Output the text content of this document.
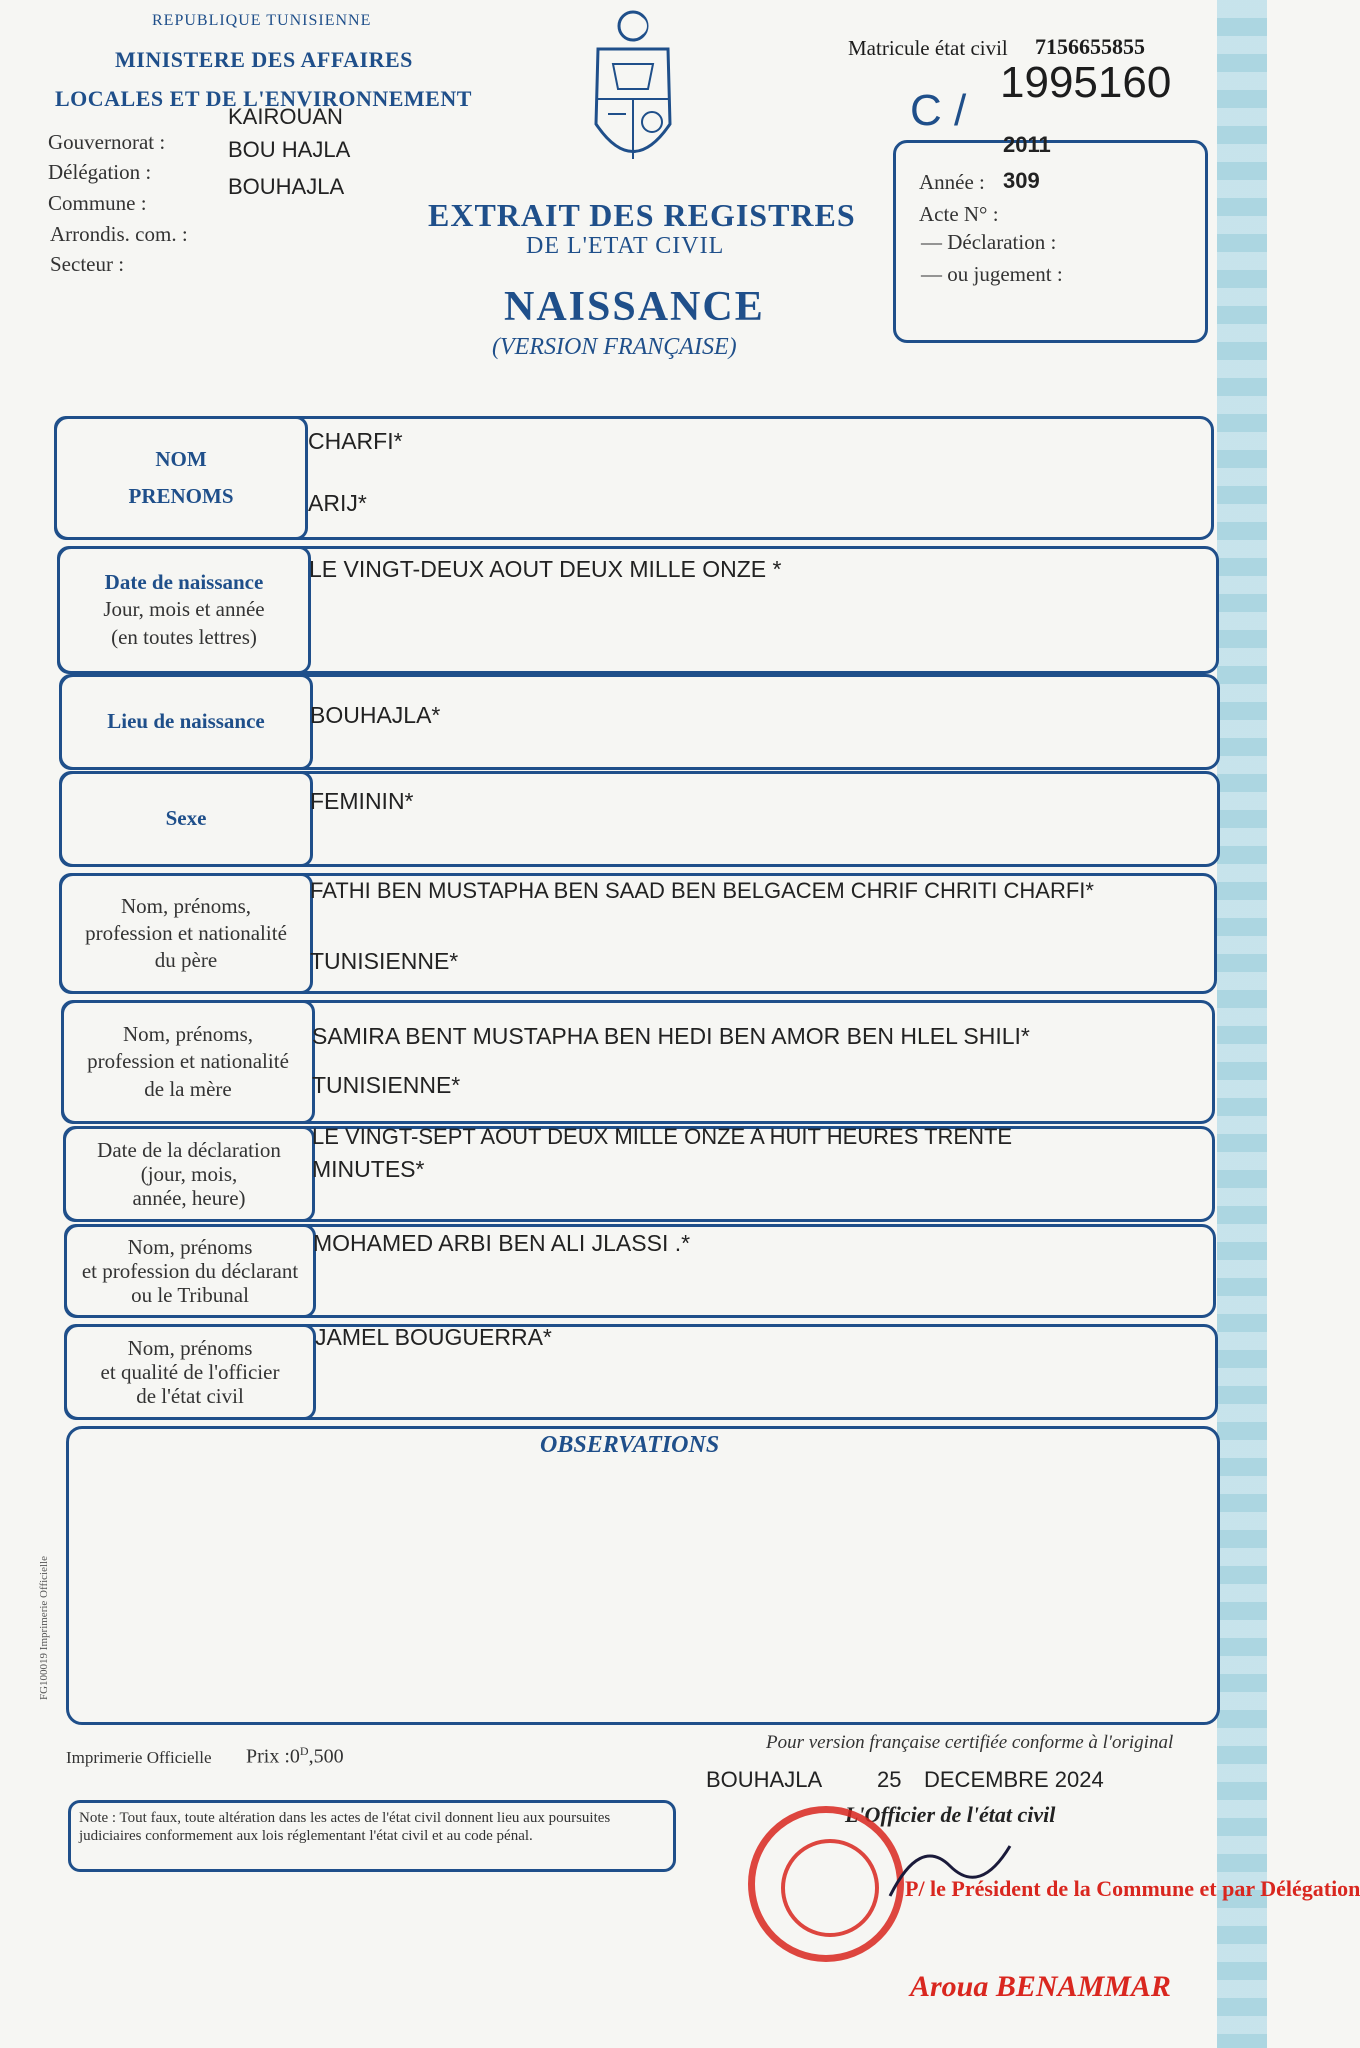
REPUBLIQUE TUNISIENNE
MINISTERE DES AFFAIRES
LOCALES ET DE L'ENVIRONNEMENT
Gouvernorat :
Délégation :
Commune :
Arrondis. com. :
Secteur :
KAIROUAN
BOU HAJLA
BOUHAJLA
EXTRAIT DES REGISTRES
DE L'ETAT CIVIL
NAISSANCE
(VERSION FRANÇAISE)
Matricule état civil 7156655855
C /
1995160
2011
Année : 309
Acte N° :
— Déclaration :
— ou jugement :
NOM
PRENOMS
CHARFI*
ARIJ*
Date de naissance
Jour, mois et année
(en toutes lettres)
LE VINGT-DEUX AOUT DEUX MILLE ONZE *
Lieu de naissance BOUHAJLA*
Sexe
FEMININ*
Nom, prénoms,
profession et nationalité
du père
FATHI BEN MUSTAPHA BEN SAAD BEN BELGACEM CHRIF CHRITI CHARFI*
TUNISIENNE*
Nom, prénoms,
profession et nationalité
de la mère
SAMIRA BENT MUSTAPHA BEN HEDI BEN AMOR BEN HLEL SHILI*
TUNISIENNE*
Date de la déclaration
(jour, mois,
année, heure)
LE VINGT-SEPT AOUT DEUX MILLE ONZE A HUIT HEURES TRENTE
MINUTES*
Nom, prénoms
et profession du déclarant
ou le Tribunal
MOHAMED ARBI BEN ALI JLASSI .*
Nom, prénoms
et qualité de l'officier
de l'état civil
JAMEL BOUGUERRA*
OBSERVATIONS
FG100019 Imprimerie Officielle
Imprimerie Officielle Prix $:0^D,500$
Pour version française certifiée conforme à l'original
BOUHAJLA 25 DECEMBRE 2024
L'Officier de l'état civil
Note : Tout faux, toute altération dans les actes de l'état civil donnent lieu aux poursuites judiciaires conformement aux lois réglementant l'état civil et au code pénal.
P/ le Président de la Commune et par Délégation
Aroua BENAMMAR
